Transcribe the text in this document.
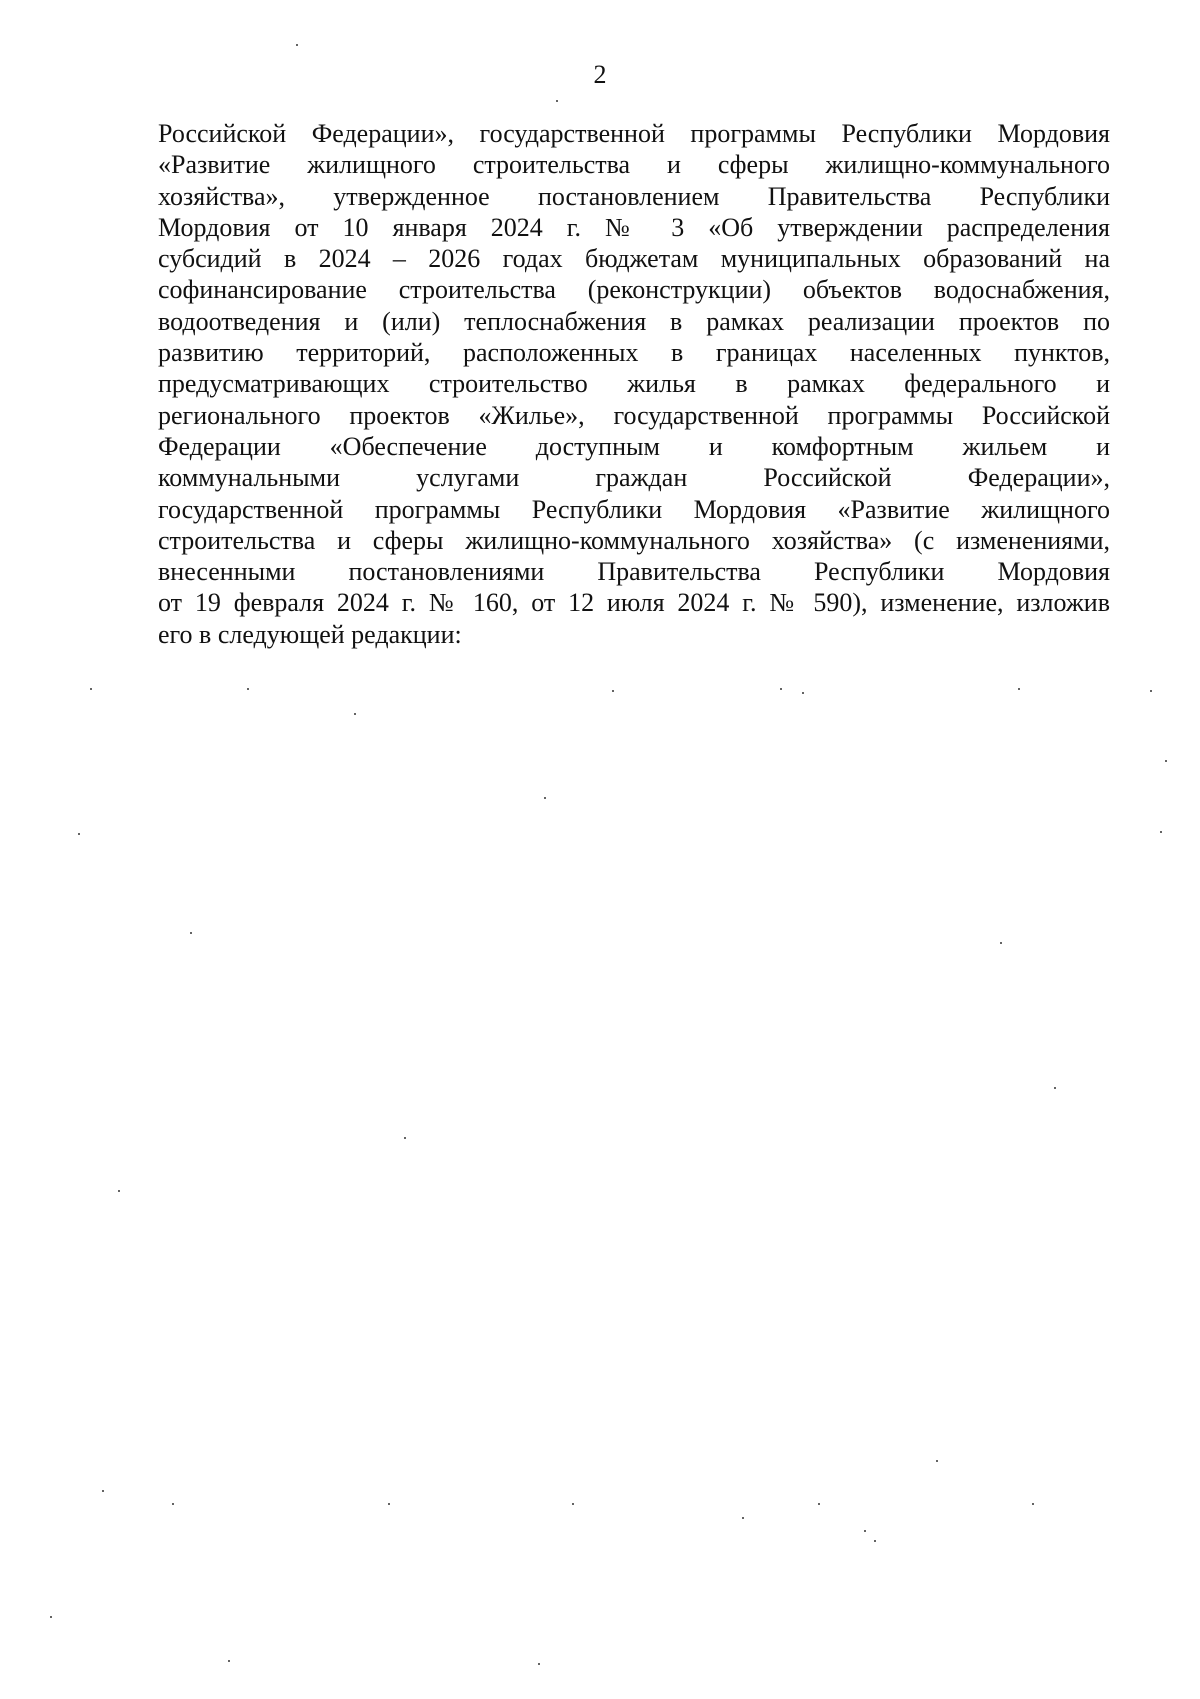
2
Российской Федерации», государственной программы Республики Мордовия
«Развитие жилищного строительства и сферы жилищно-коммунального
хозяйства», утвержденное постановлением Правительства Республики
Мордовия от 10 января 2024 г. № 3 «Об утверждении распределения
субсидий в 2024 – 2026 годах бюджетам муниципальных образований на
софинансирование строительства (реконструкции) объектов водоснабжения,
водоотведения и (или) теплоснабжения в рамках реализации проектов по
развитию территорий, расположенных в границах населенных пунктов,
предусматривающих строительство жилья в рамках федерального и
регионального проектов «Жилье», государственной программы Российской
Федерации «Обеспечение доступным и комфортным жильем и
коммунальными услугами граждан Российской Федерации»,
государственной программы Республики Мордовия «Развитие жилищного
строительства и сферы жилищно-коммунального хозяйства» (с изменениями,
внесенными постановлениями Правительства Республики Мордовия
от 19 февраля 2024 г. № 160, от 12 июля 2024 г. № 590), изменение, изложив
его в следующей редакции:
